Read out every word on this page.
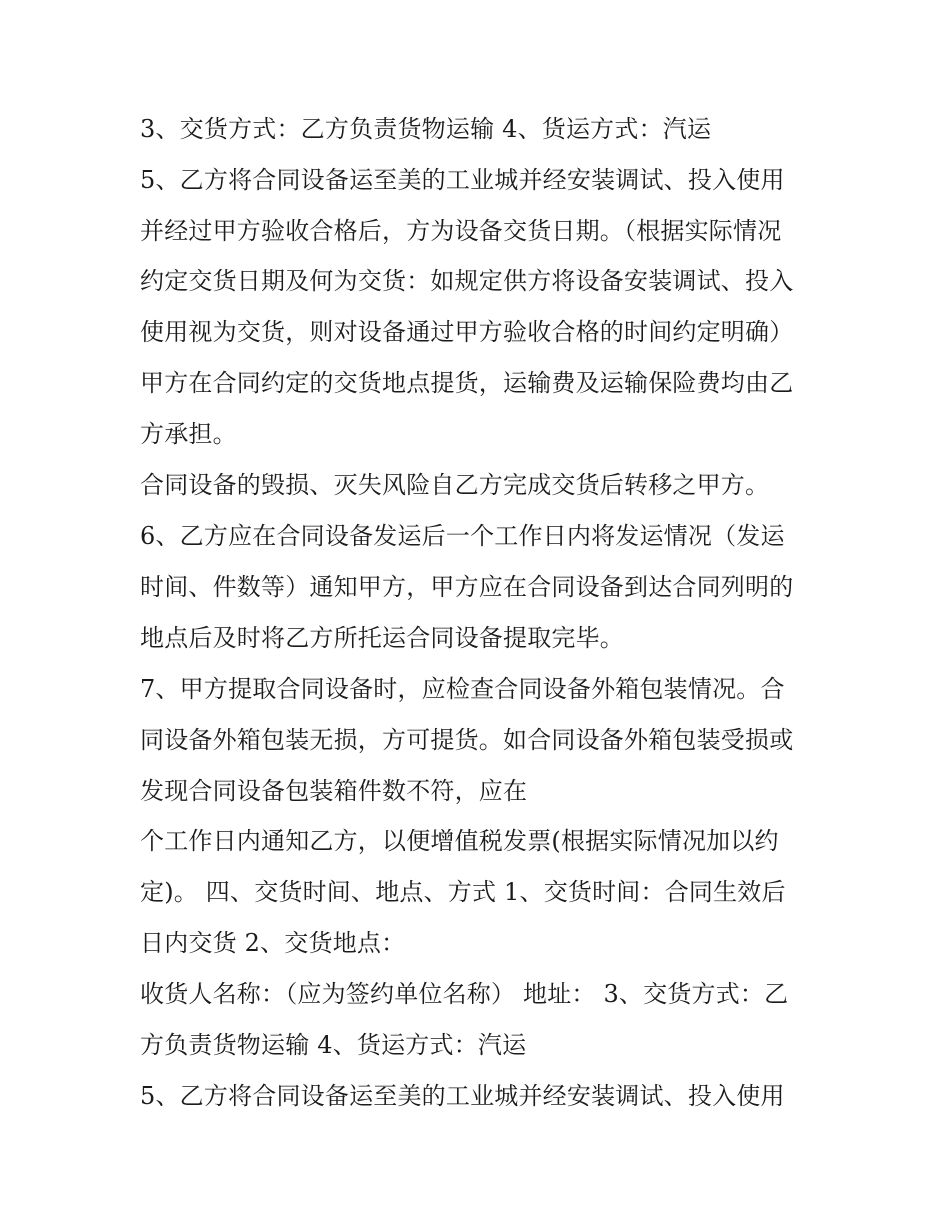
3、交货方式：乙方负责货物运输 4、货运方式：汽运
5、乙方将合同设备运至美的工业城并经安装调试、投入使用
并经过甲方验收合格后，方为设备交货日期。（根据实际情况
约定交货日期及何为交货：如规定供方将设备安装调试、投入
使用视为交货，则对设备通过甲方验收合格的时间约定明确）
甲方在合同约定的交货地点提货，运输费及运输保险费均由乙
方承担。
合同设备的毁损、灭失风险自乙方完成交货后转移之甲方。
6、乙方应在合同设备发运后一个工作日内将发运情况（发运
时间、件数等）通知甲方，甲方应在合同设备到达合同列明的
地点后及时将乙方所托运合同设备提取完毕。
7、甲方提取合同设备时，应检查合同设备外箱包装情况。合
同设备外箱包装无损，方可提货。如合同设备外箱包装受损或
发现合同设备包装箱件数不符，应在
个工作日内通知乙方，以便增值税发票(根据实际情况加以约
定)。 四、交货时间、地点、方式 1、交货时间：合同生效后
日内交货 2、交货地点：
收货人名称：（应为签约单位名称） 地址： 3、交货方式：乙
方负责货物运输 4、货运方式：汽运
5、乙方将合同设备运至美的工业城并经安装调试、投入使用
